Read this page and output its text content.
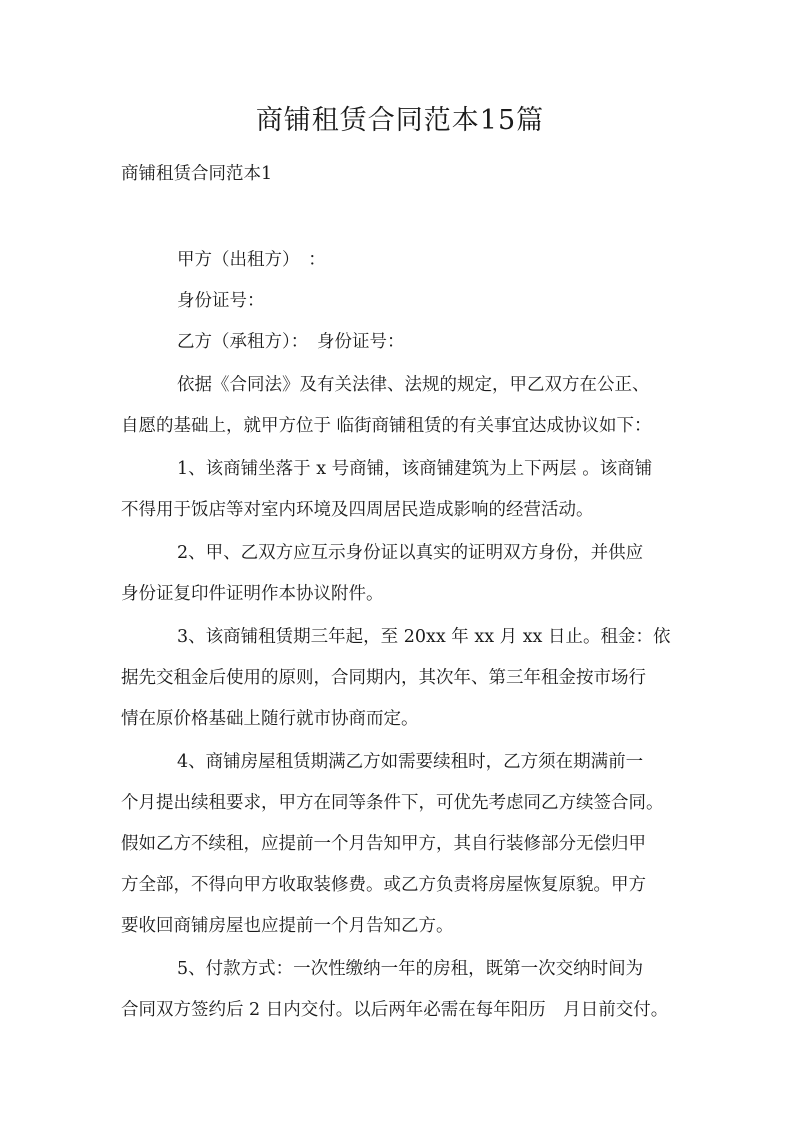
商铺租赁合同范本15篇

商铺租赁合同范本1

甲方（出租方）　：

身份证号：

乙方（承租方）：　身份证号：

依据《合同法》及有关法律、法规的规定，甲乙双方在公正、

自愿的基础上，就甲方位于 临街商铺租赁的有关事宜达成协议如下：

1、该商铺坐落于 x 号商铺，该商铺建筑为上下两层 。该商铺

不得用于饭店等对室内环境及四周居民造成影响的经营活动。

2、甲、乙双方应互示身份证以真实的证明双方身份，并供应

身份证复印件证明作本协议附件。

3、该商铺租赁期三年起，至 20xx 年 xx 月 xx 日止。租金：依

据先交租金后使用的原则，合同期内，其次年、第三年租金按市场行

情在原价格基础上随行就市协商而定。

4、商铺房屋租赁期满乙方如需要续租时，乙方须在期满前一

个月提出续租要求，甲方在同等条件下，可优先考虑同乙方续签合同。

假如乙方不续租，应提前一个月告知甲方，其自行装修部分无偿归甲

方全部，不得向甲方收取装修费。或乙方负责将房屋恢复原貌。甲方

要收回商铺房屋也应提前一个月告知乙方。

5、付款方式：一次性缴纳一年的房租，既第一次交纳时间为

合同双方签约后 2 日内交付。以后两年必需在每年阳历　月日前交付。
